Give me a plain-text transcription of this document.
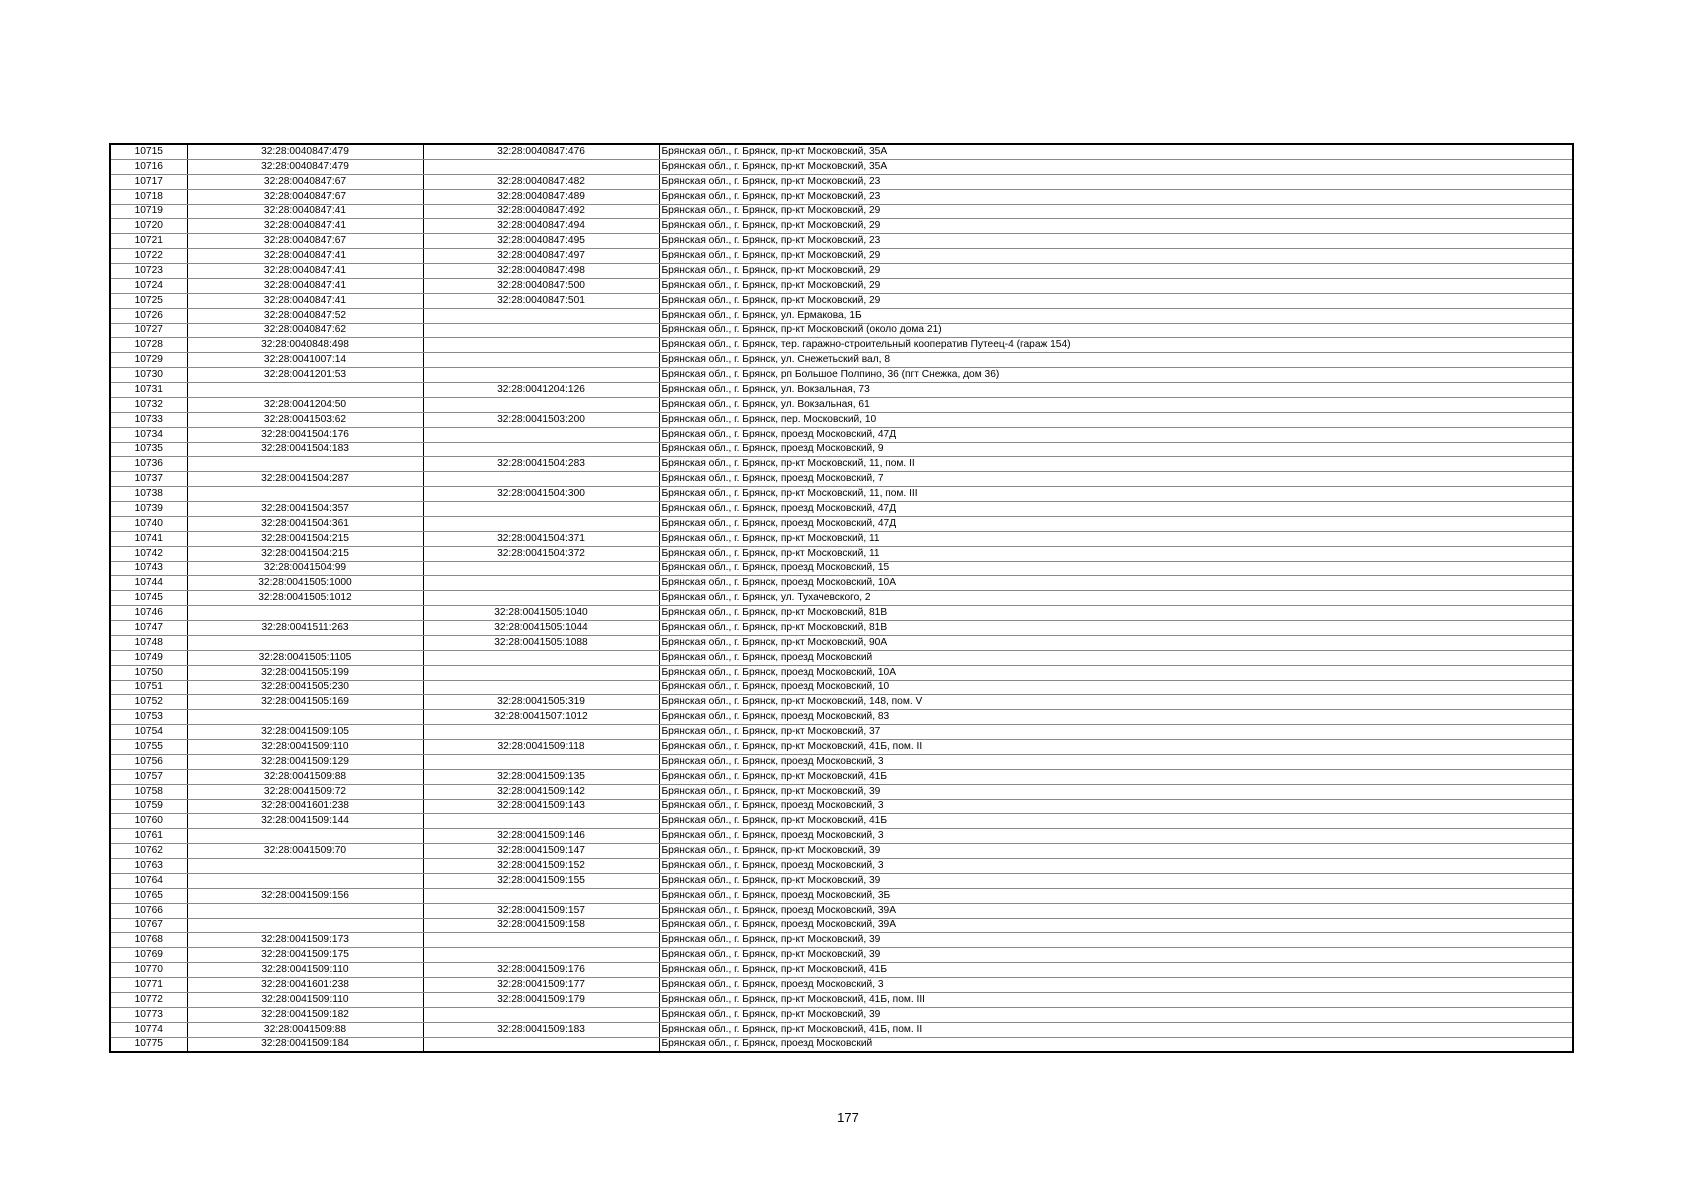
10715	32:28:0040847:479	32:28:0040847:476	Брянская обл., г. Брянск, пр-кт Московский, 35А
10716	32:28:0040847:479		Брянская обл., г. Брянск, пр-кт Московский, 35А
10717	32:28:0040847:67	32:28:0040847:482	Брянская обл., г. Брянск, пр-кт Московский, 23
10718	32:28:0040847:67	32:28:0040847:489	Брянская обл., г. Брянск, пр-кт Московский, 23
10719	32:28:0040847:41	32:28:0040847:492	Брянская обл., г. Брянск, пр-кт Московский, 29
10720	32:28:0040847:41	32:28:0040847:494	Брянская обл., г. Брянск, пр-кт Московский, 29
10721	32:28:0040847:67	32:28:0040847:495	Брянская обл., г. Брянск, пр-кт Московский, 23
10722	32:28:0040847:41	32:28:0040847:497	Брянская обл., г. Брянск, пр-кт Московский, 29
10723	32:28:0040847:41	32:28:0040847:498	Брянская обл., г. Брянск, пр-кт Московский, 29
10724	32:28:0040847:41	32:28:0040847:500	Брянская обл., г. Брянск, пр-кт Московский, 29
10725	32:28:0040847:41	32:28:0040847:501	Брянская обл., г. Брянск, пр-кт Московский, 29
10726	32:28:0040847:52		Брянская обл., г. Брянск, ул. Ермакова, 1Б
10727	32:28:0040847:62		Брянская обл., г. Брянск, пр-кт Московский (около дома 21)
10728	32:28:0040848:498		Брянская обл., г. Брянск, тер. гаражно-строительный кооператив Путеец-4 (гараж 154)
10729	32:28:0041007:14		Брянская обл., г. Брянск, ул. Снежетьский вал, 8
10730	32:28:0041201:53		Брянская обл., г. Брянск, рп Большое Полпино, 36 (пгт Снежка, дом 36)
10731		32:28:0041204:126	Брянская обл., г. Брянск, ул. Вокзальная, 73
10732	32:28:0041204:50		Брянская обл., г. Брянск, ул. Вокзальная, 61
10733	32:28:0041503:62	32:28:0041503:200	Брянская обл., г. Брянск, пер. Московский, 10
10734	32:28:0041504:176		Брянская обл., г. Брянск, проезд Московский, 47Д
10735	32:28:0041504:183		Брянская обл., г. Брянск, проезд Московский, 9
10736		32:28:0041504:283	Брянская обл., г. Брянск, пр-кт Московский, 11, пом. II
10737	32:28:0041504:287		Брянская обл., г. Брянск, проезд Московский, 7
10738		32:28:0041504:300	Брянская обл., г. Брянск, пр-кт Московский, 11, пом. III
10739	32:28:0041504:357		Брянская обл., г. Брянск, проезд Московский, 47Д
10740	32:28:0041504:361		Брянская обл., г. Брянск, проезд Московский, 47Д
10741	32:28:0041504:215	32:28:0041504:371	Брянская обл., г. Брянск, пр-кт Московский, 11
10742	32:28:0041504:215	32:28:0041504:372	Брянская обл., г. Брянск, пр-кт Московский, 11
10743	32:28:0041504:99		Брянская обл., г. Брянск, проезд Московский, 15
10744	32:28:0041505:1000		Брянская обл., г. Брянск, проезд Московский, 10А
10745	32:28:0041505:1012		Брянская обл., г. Брянск, ул. Тухачевского, 2
10746		32:28:0041505:1040	Брянская обл., г. Брянск, пр-кт Московский, 81В
10747	32:28:0041511:263	32:28:0041505:1044	Брянская обл., г. Брянск, пр-кт Московский, 81В
10748		32:28:0041505:1088	Брянская обл., г. Брянск, пр-кт Московский, 90А
10749	32:28:0041505:1105		Брянская обл., г. Брянск, проезд Московский
10750	32:28:0041505:199		Брянская обл., г. Брянск, проезд Московский, 10А
10751	32:28:0041505:230		Брянская обл., г. Брянск, проезд Московский, 10
10752	32:28:0041505:169	32:28:0041505:319	Брянская обл., г. Брянск, пр-кт Московский, 148, пом. V
10753		32:28:0041507:1012	Брянская обл., г. Брянск, проезд Московский, 83
10754	32:28:0041509:105		Брянская обл., г. Брянск, пр-кт Московский, 37
10755	32:28:0041509:110	32:28:0041509:118	Брянская обл., г. Брянск, пр-кт Московский, 41Б, пом. II
10756	32:28:0041509:129		Брянская обл., г. Брянск, проезд Московский, 3
10757	32:28:0041509:88	32:28:0041509:135	Брянская обл., г. Брянск, пр-кт Московский, 41Б
10758	32:28:0041509:72	32:28:0041509:142	Брянская обл., г. Брянск, пр-кт Московский, 39
10759	32:28:0041601:238	32:28:0041509:143	Брянская обл., г. Брянск, проезд Московский, 3
10760	32:28:0041509:144		Брянская обл., г. Брянск, пр-кт Московский, 41Б
10761		32:28:0041509:146	Брянская обл., г. Брянск, проезд Московский, 3
10762	32:28:0041509:70	32:28:0041509:147	Брянская обл., г. Брянск, пр-кт Московский, 39
10763		32:28:0041509:152	Брянская обл., г. Брянск, проезд Московский, 3
10764		32:28:0041509:155	Брянская обл., г. Брянск, пр-кт Московский, 39
10765	32:28:0041509:156		Брянская обл., г. Брянск, проезд Московский, 3Б
10766		32:28:0041509:157	Брянская обл., г. Брянск, проезд Московский, 39А
10767		32:28:0041509:158	Брянская обл., г. Брянск, проезд Московский, 39А
10768	32:28:0041509:173		Брянская обл., г. Брянск, пр-кт Московский, 39
10769	32:28:0041509:175		Брянская обл., г. Брянск, пр-кт Московский, 39
10770	32:28:0041509:110	32:28:0041509:176	Брянская обл., г. Брянск, пр-кт Московский, 41Б
10771	32:28:0041601:238	32:28:0041509:177	Брянская обл., г. Брянск, проезд Московский, 3
10772	32:28:0041509:110	32:28:0041509:179	Брянская обл., г. Брянск, пр-кт Московский, 41Б, пом. III
10773	32:28:0041509:182		Брянская обл., г. Брянск, пр-кт Московский, 39
10774	32:28:0041509:88	32:28:0041509:183	Брянская обл., г. Брянск, пр-кт Московский, 41Б, пом. II
10775	32:28:0041509:184		Брянская обл., г. Брянск, проезд Московский
177
